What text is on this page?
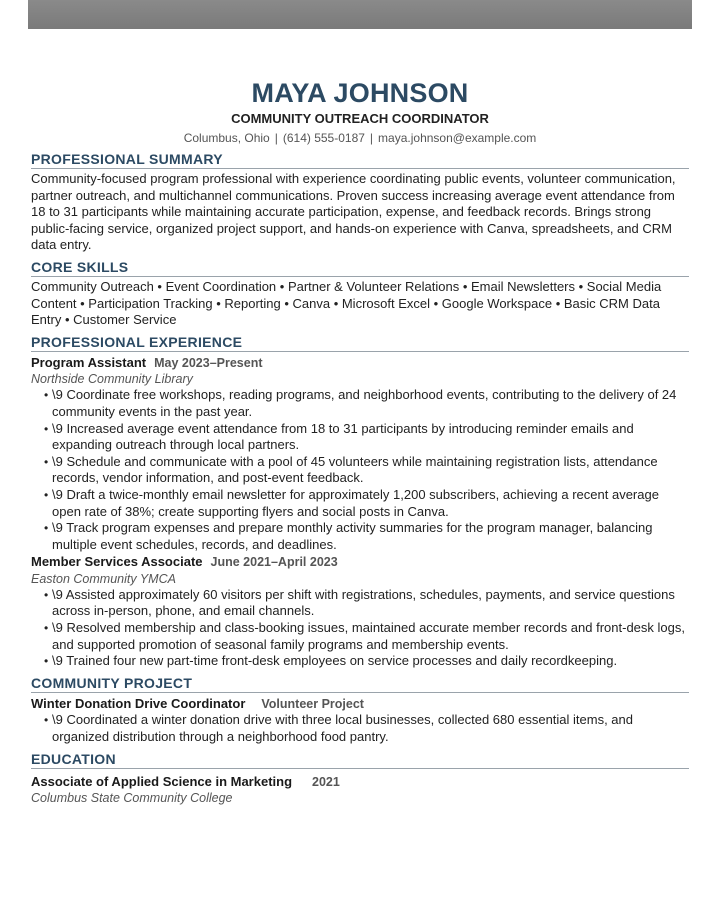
MAYA JOHNSON
COMMUNITY OUTREACH COORDINATOR
Columbus, Ohio | (614) 555-0187 | maya.johnson@example.com
PROFESSIONAL SUMMARY
Community-focused program professional with experience coordinating public events, volunteer communication, partner outreach, and multichannel communications. Proven success increasing average event attendance from 18 to 31 participants while maintaining accurate participation, expense, and feedback records. Brings strong public-facing service, organized project support, and hands-on experience with Canva, spreadsheets, and CRM data entry.
CORE SKILLS
Community Outreach • Event Coordination • Partner & Volunteer Relations • Email Newsletters • Social Media Content • Participation Tracking • Reporting • Canva • Microsoft Excel • Google Workspace • Basic CRM Data Entry • Customer Service
PROFESSIONAL EXPERIENCE
Program Assistant May 2023–Present
Northside Community Library
• \9 Coordinate free workshops, reading programs, and neighborhood events, contributing to the delivery of 24 community events in the past year.
• \9 Increased average event attendance from 18 to 31 participants by introducing reminder emails and expanding outreach through local partners.
• \9 Schedule and communicate with a pool of 45 volunteers while maintaining registration lists, attendance records, vendor information, and post-event feedback.
• \9 Draft a twice-monthly email newsletter for approximately 1,200 subscribers, achieving a recent average open rate of 38%; create supporting flyers and social posts in Canva.
• \9 Track program expenses and prepare monthly activity summaries for the program manager, balancing multiple event schedules, records, and deadlines.
Member Services Associate June 2021–April 2023
Easton Community YMCA
• \9 Assisted approximately 60 visitors per shift with registrations, schedules, payments, and service questions across in-person, phone, and email channels.
• \9 Resolved membership and class-booking issues, maintained accurate member records and front-desk logs, and supported promotion of seasonal family programs and membership events.
• \9 Trained four new part-time front-desk employees on service processes and daily recordkeeping.
COMMUNITY PROJECT
Winter Donation Drive Coordinator Volunteer Project
• \9 Coordinated a winter donation drive with three local businesses, collected 680 essential items, and organized distribution through a neighborhood food pantry.
EDUCATION
Associate of Applied Science in Marketing 2021
Columbus State Community College
